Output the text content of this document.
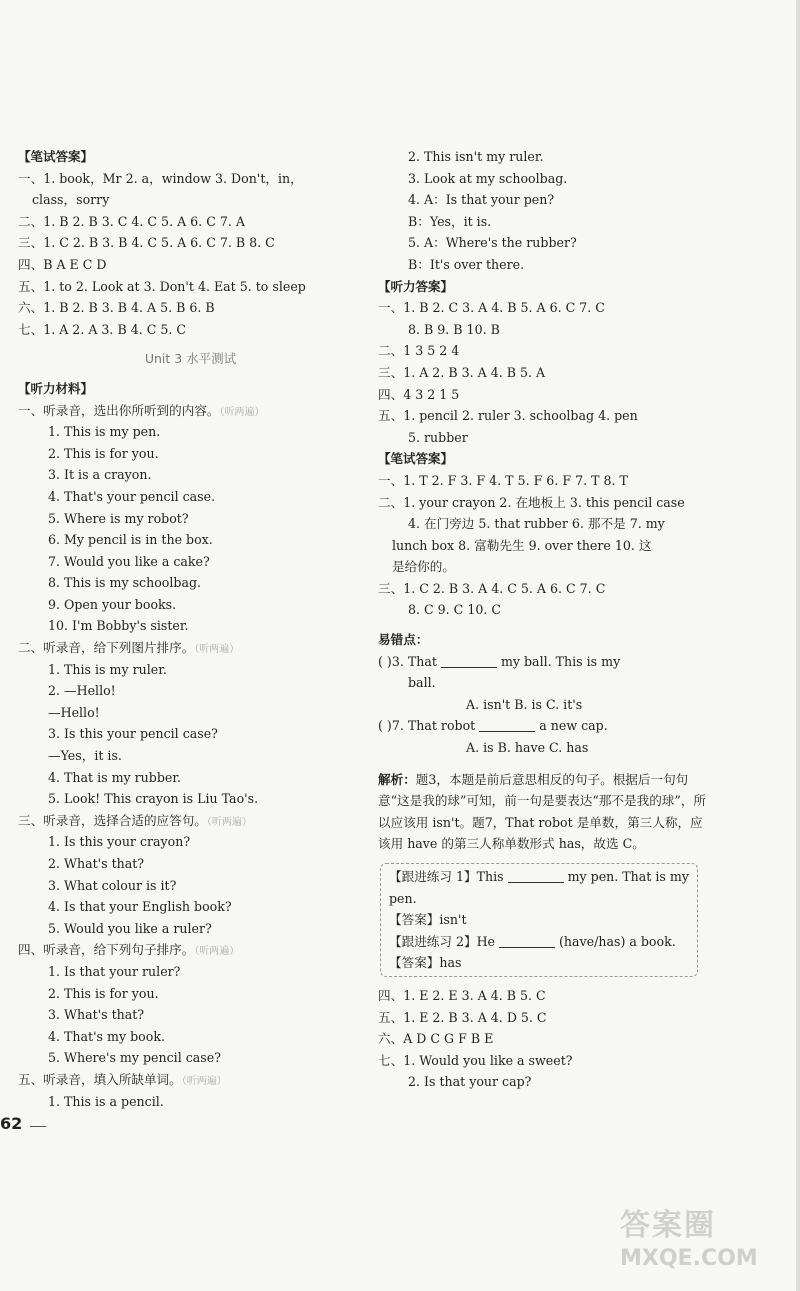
【笔试答案】
一、1. book，Mr 2. a，window 3. Don't，in，
class，sorry
二、1. B 2. B 3. C 4. C 5. A 6. C 7. A
三、1. C 2. B 3. B 4. C 5. A 6. C 7. B 8. C
四、B A E C D
五、1. to 2. Look at 3. Don't 4. Eat 5. to sleep
六、1. B 2. B 3. B 4. A 5. B 6. B
七、1. A 2. A 3. B 4. C 5. C
Unit 3 水平测试
【听力材料】
一、听录音，选出你所听到的内容。（听两遍）
1. This is my pen.
2. This is for you.
3. It is a crayon.
4. That's your pencil case.
5. Where is my robot?
6. My pencil is in the box.
7. Would you like a cake?
8. This is my schoolbag.
9. Open your books.
10. I'm Bobby's sister.
二、听录音，给下列图片排序。（听两遍）
1. This is my ruler.
2. —Hello!
—Hello!
3. Is this your pencil case?
—Yes，it is.
4. That is my rubber.
5. Look! This crayon is Liu Tao's.
三、听录音，选择合适的应答句。（听两遍）
1. Is this your crayon?
2. What's that?
3. What colour is it?
4. Is that your English book?
5. Would you like a ruler?
四、听录音，给下列句子排序。（听两遍）
1. Is that your ruler?
2. This is for you.
3. What's that?
4. That's my book.
5. Where's my pencil case?
五、听录音，填入所缺单词。（听两遍）
1. This is a pencil.
2. This isn't my ruler.
3. Look at my schoolbag.
4. A：Is that your pen?
B：Yes，it is.
5. A：Where's the rubber?
B：It's over there.
【听力答案】
一、1. B 2. C 3. A 4. B 5. A 6. C 7. C
8. B 9. B 10. B
二、1 3 5 2 4
三、1. A 2. B 3. A 4. B 5. A
四、4 3 2 1 5
五、1. pencil 2. ruler 3. schoolbag 4. pen
5. rubber
【笔试答案】
一、1. T 2. F 3. F 4. T 5. F 6. F 7. T 8. T
二、1. your crayon 2. 在地板上 3. this pencil case
4. 在门旁边 5. that rubber 6. 那不是 7. my
lunch box 8. 富勒先生 9. over there 10. 这
是给你的。
三、1. C 2. B 3. A 4. C 5. A 6. C 7. C
8. C 9. C 10. C
易错点：
( )3. That	my ball. This is my
ball.
A. isn't B. is C. it's
( )7. That robot	a new cap.
A. is B. have C. has
解析：题3，本题是前后意思相反的句子。根据后一句句意“这是我的球”可知，前一句是要表达“那不是我的球”，所以应该用 isn't。题7，That robot 是单数，第三人称，应该用 have 的第三人称单数形式 has，故选 C。
【跟进练习 1】This	my pen. That is my
pen.
【答案】isn't
【跟进练习 2】He	(have/has) a book.
【答案】has
四、1. E 2. E 3. A 4. B 5. C
五、1. E 2. B 3. A 4. D 5. C
六、A D C G F B E
七、1. Would you like a sweet?
2. Is that your cap?
62
答案圈
MXQE.COM
